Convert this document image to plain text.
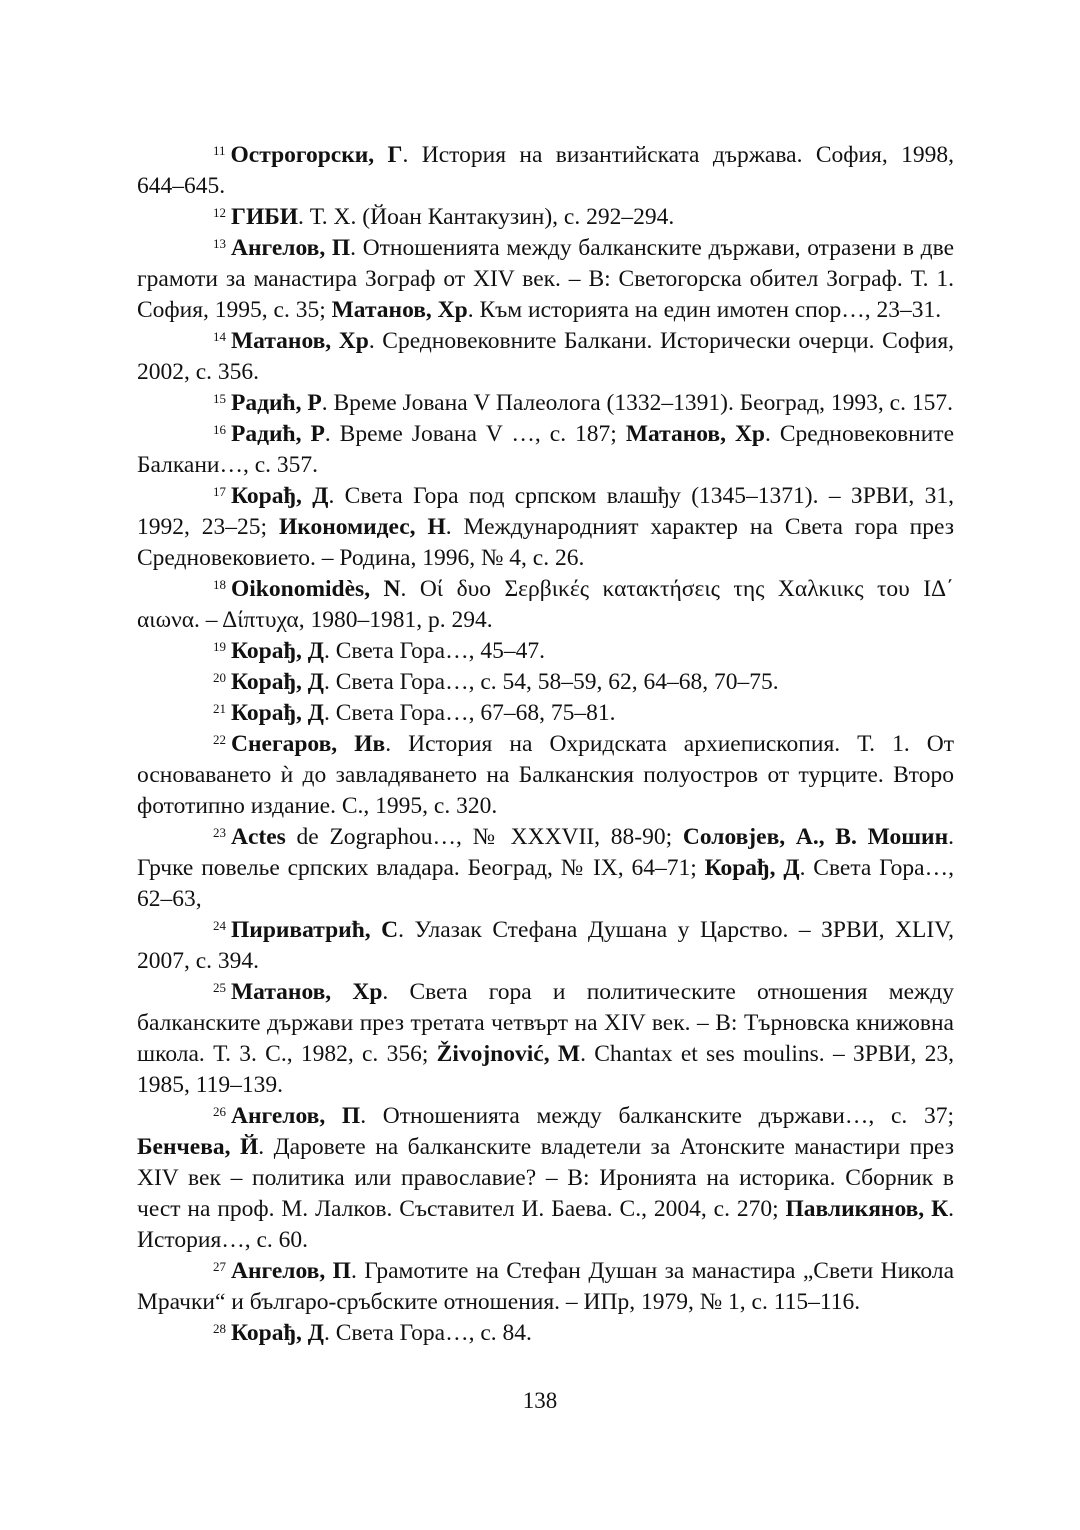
$^{11}$ Острогорски, Г. История на византийската държава. София, 1998, 644–645.

$^{12}$ ГИБИ. Т. Х. (Йоан Кантакузин), с. 292–294.

$^{13}$ Ангелов, П. Отношенията между балканските държави, отразени в две грамоти за манастира Зограф от XIV век. – В: Светогорска обител Зограф. Т. 1. София, 1995, с. 35; Матанов, Хр. Към историята на един имотен спор…, 23–31.

$^{14}$ Матанов, Хр. Средновековните Балкани. Исторически очерци. София, 2002, с. 356.

$^{15}$ Радић, Р. Време Јована V Палеолога (1332–1391). Београд, 1993, с. 157.

$^{16}$ Радић, Р. Време Јована V …, с. 187; Матанов, Хр. Средновековните Балкани…, с. 357.

$^{17}$ Корађ, Д. Света Гора под српском влашђу (1345–1371). – ЗРВИ, 31, 1992, 23–25; Икономидес, Н. Международният характер на Света гора през Средновековието. – Родина, 1996, № 4, с. 26.

$^{18}$ Oikonomidès, N. Οί δυο Σερβικές κατακτήσεις της Χαλκιικς του ΙΔ΄ αιωνα. – Δίπτυχα, 1980–1981, p. 294.

$^{19}$ Корађ, Д. Света Гора…, 45–47.

$^{20}$ Корађ, Д. Света Гора…, с. 54, 58–59, 62, 64–68, 70–75.

$^{21}$ Корађ, Д. Света Гора…, 67–68, 75–81.

$^{22}$ Снегаров, Ив. История на Охридската архиепископия. Т. 1. От основаването ѝ до завладяването на Балканския полуостров от турците. Второ фототипно издание. С., 1995, с. 320.

$^{23}$ Actes de Zographou…, № XXXVII, 88-90; Соловјев, А., В. Мошин. Грчке повелье српских владара. Београд, № IX, 64–71; Корађ, Д. Света Гора…, 62–63,

$^{24}$ Пириватрић, С. Улазак Стефана Душана у Царство. – ЗРВИ, XLIV, 2007, с. 394.

$^{25}$ Матанов, Хр. Света гора и политическите отношения между балканските държави през третата четвърт на XIV век. – В: Търновска книжовна школа. Т. 3. С., 1982, с. 356; Živojnović, M. Chantax et ses moulins. – ЗРВИ, 23, 1985, 119–139.

$^{26}$ Ангелов, П. Отношенията между балканските държави…, с. 37; Бенчева, Й. Даровете на балканските владетели за Атонските манастири през XIV век – политика или православие? – В: Иронията на историка. Сборник в чест на проф. М. Лалков. Съставител И. Баева. С., 2004, с. 270; Павликянов, К. История…, с. 60.

$^{27}$ Ангелов, П. Грамотите на Стефан Душан за манастира „Свети Никола Мрачки“ и българо-сръбските отношения. – ИПр, 1979, № 1, с. 115–116.

$^{28}$ Корађ, Д. Света Гора…, с. 84.

138
